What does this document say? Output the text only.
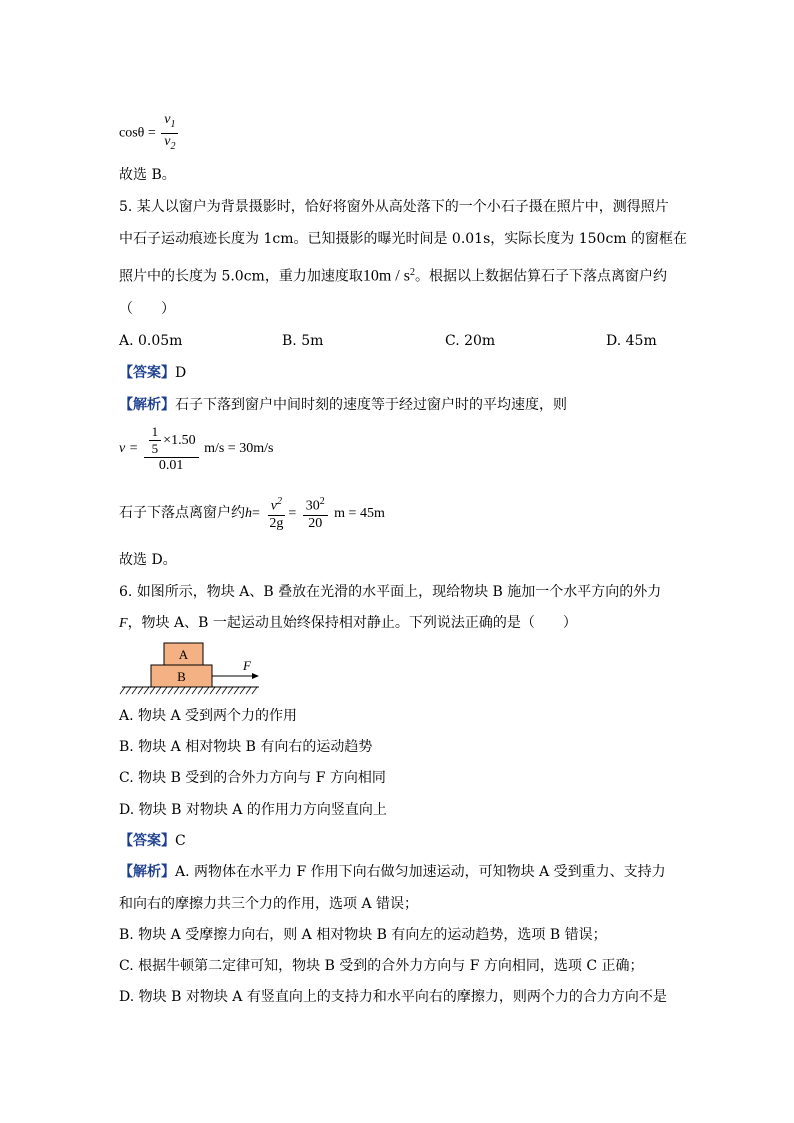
$\cos\theta = \frac{v_1}{v_2}$
故选 B。
5. 某人以窗户为背景摄影时，恰好将窗外从高处落下的一个小石子摄在照片中，测得照片
中石子运动痕迹长度为 1cm。已知摄影的曝光时间是 0.01s，实际长度为 150cm 的窗框在
照片中的长度为 5.0cm，重力加速度取$10m / s^2$。根据以上数据估算石子下落点离窗户约
（　　）
A. 0.05m	B. 5m	C. 20m	D. 45m
【答案】D
【解析】石子下落到窗户中间时刻的速度等于经过窗户时的平均速度，则
$v = \frac{\frac{1}{5} \times 1.50}{0.01} m/s = 30m/s$
石子下落点离窗户约$h= \frac{v^2}{2g} = \frac{30^2}{20}$ m = 45m
故选 D。
6. 如图所示，物块 A、B 叠放在光滑的水平面上，现给物块 B 施加一个水平方向的外力
F，物块 A、B 一起运动且始终保持相对静止。下列说法正确的是（　　）
A
B
F
A. 物块 A 受到两个力的作用
B. 物块 A 相对物块 B 有向右的运动趋势
C. 物块 B 受到的合外力方向与 F 方向相同
D. 物块 B 对物块 A 的作用力方向竖直向上
【答案】C
【解析】A. 两物体在水平力 F 作用下向右做匀加速运动，可知物块 A 受到重力、支持力
和向右的摩擦力共三个力的作用，选项 A 错误；
B. 物块 A 受摩擦力向右，则 A 相对物块 B 有向左的运动趋势，选项 B 错误；
C. 根据牛顿第二定律可知，物块 B 受到的合外力方向与 F 方向相同，选项 C 正确；
D. 物块 B 对物块 A 有竖直向上的支持力和水平向右的摩擦力，则两个力的合力方向不是
